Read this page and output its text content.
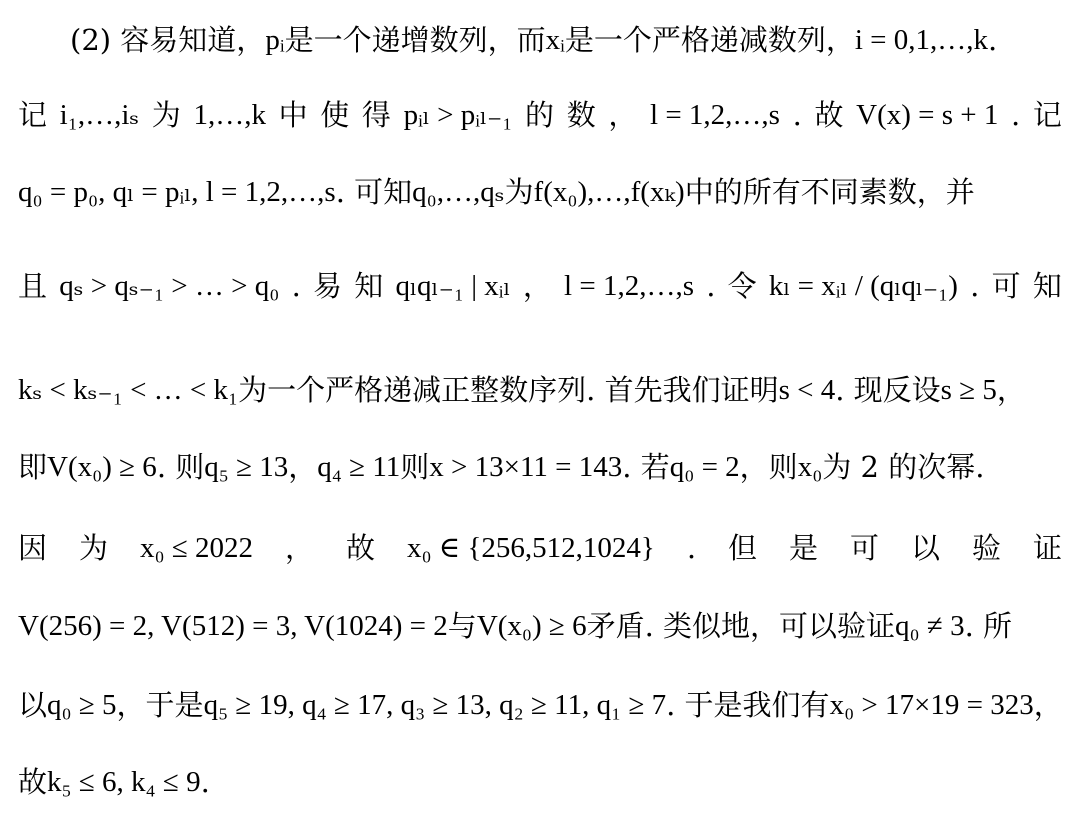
(2) 容易知道， pᵢ 是一个递增数列，而 xᵢ 是一个严格递减数列， i = 0,1,…,k .
记 i₁,…,iₛ 为 1,…,k 中 使 得 pᵢₗ > pᵢₗ₋₁ 的 数 ， l = 1,2,…,s . 故 V(x) = s + 1 . 记
q₀ = p₀, qₗ = pᵢₗ, l = 1,2,…,s . 可知 q₀,…,qₛ 为 f(x₀),…,f(xₖ) 中的所有不同素数，并
且 qₛ > qₛ₋₁ > … > q₀ . 易 知 qₗqₗ₋₁ | xᵢₗ ， l = 1,2,…,s . 令 kₗ = xᵢₗ / (qₗqₗ₋₁) . 可 知
kₛ < kₛ₋₁ < … < k₁ 为一个严格递减正整数序列. 首先我们证明 s < 4 . 现反设 s ≥ 5 ，
即 V(x₀) ≥ 6 . 则 q₅ ≥ 13 ， q₄ ≥ 11 则 x > 13×11 = 143 . 若 q₀ = 2 ，则 x₀ 为 2 的次幂.
因 为 x₀ ≤ 2022 ， 故 x₀ ∈ {256,512,1024} . 但 是 可 以 验 证
V(256) = 2, V(512) = 3, V(1024) = 2 与 V(x₀) ≥ 6 矛盾. 类似地，可以验证 q₀ ≠ 3 . 所
以 q₀ ≥ 5 ，于是 q₅ ≥ 19, q₄ ≥ 17, q₃ ≥ 13, q₂ ≥ 11, q₁ ≥ 7 . 于是我们有 x₀ > 17×19 = 323 ，
故 k₅ ≤ 6, k₄ ≤ 9 .
